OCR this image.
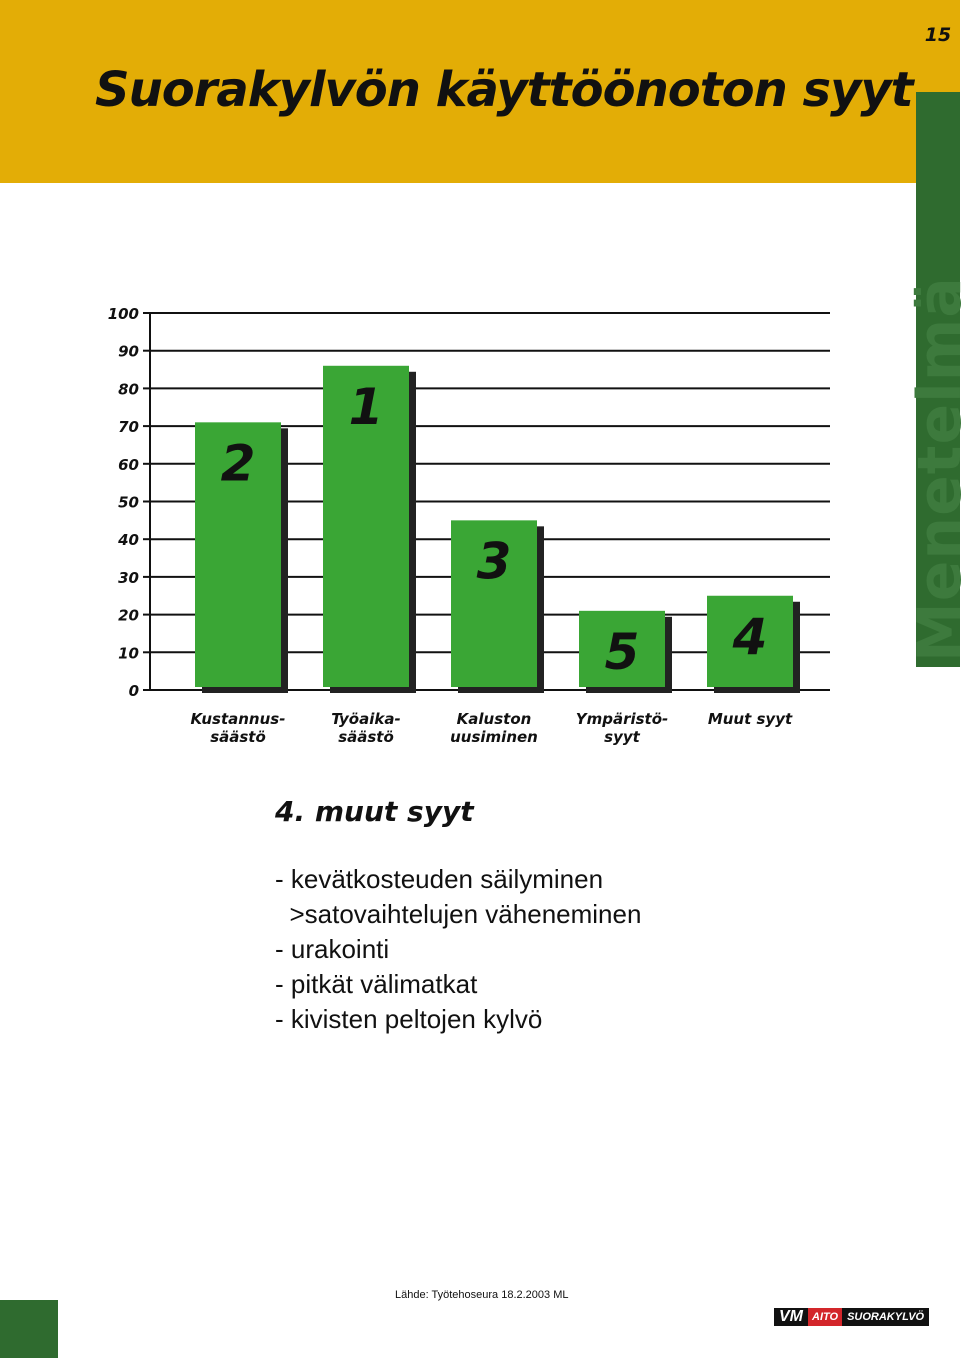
Suorakylvön käyttöönoton syyt
15
Menetelmä
0
10
20
30
40
50
60
70
80
90
100
2
Kustannus-säästö
1
Työaika-säästö
3
Kaluston uusiminen
5
Ympäristö-syyt
4
Muut syyt
4. muut syyt
- kevätkosteuden säilyminen
>satovaihtelujen väheneminen
- urakointi
- pitkät välimatkat
- kivisten peltojen kylvö
Lähde: Työtehoseura 18.2.2003 ML
VM AITO SUORAKYLVÖ
